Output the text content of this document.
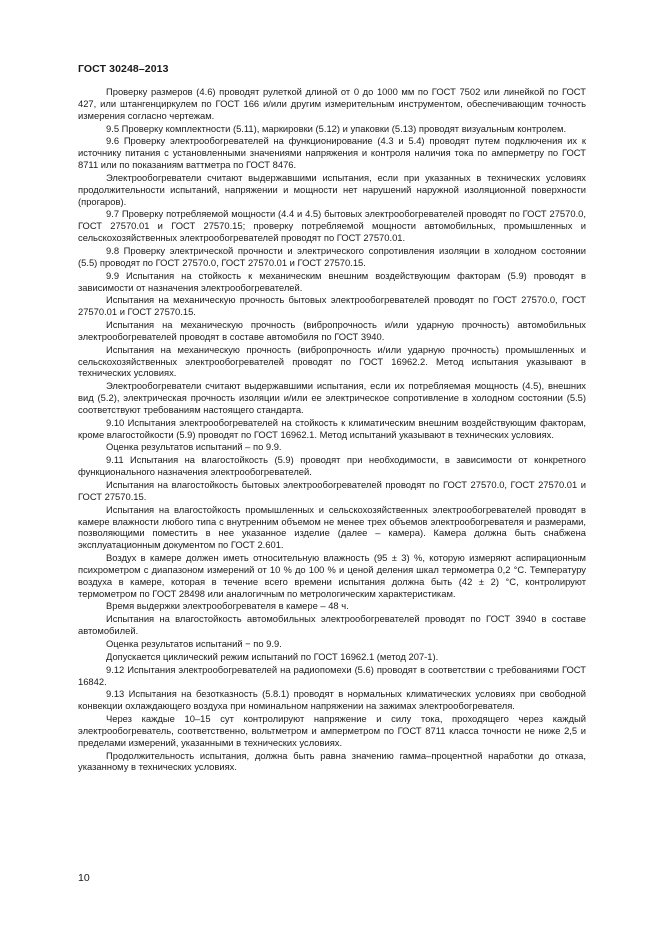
ГОСТ 30248–2013

Проверку размеров (4.6) проводят рулеткой длиной от 0 до 1000 мм по ГОСТ 7502 или линейкой по ГОСТ 427, или штангенциркулем по ГОСТ 166 и/или другим измерительным инструментом, обеспечивающим точность измерения согласно чертежам.

9.5 Проверку комплектности (5.11), маркировки (5.12) и упаковки (5.13) проводят визуальным контролем.

9.6 Проверку электрообогревателей на функционирование (4.3 и 5.4) проводят путем подключения их к источнику питания с установленными значениями напряжения и контроля наличия тока по амперметру по ГОСТ 8711 или по показаниям ваттметра по ГОСТ 8476.

Электрообогреватели считают выдержавшими испытания, если при указанных в технических условиях продолжительности испытаний, напряжении и мощности нет нарушений наружной изоляционной поверхности (прогаров).

9.7 Проверку потребляемой мощности (4.4 и 4.5) бытовых электрообогревателей проводят по ГОСТ 27570.0, ГОСТ 27570.01 и ГОСТ 27570.15; проверку потребляемой мощности автомобильных, промышленных и сельскохозяйственных электрообогревателей проводят по ГОСТ 27570.01.

9.8 Проверку электрической прочности и электрического сопротивления изоляции в холодном состоянии (5.5) проводят по ГОСТ 27570.0, ГОСТ 27570.01 и ГОСТ 27570.15.

9.9 Испытания на стойкость к механическим внешним воздействующим факторам (5.9) проводят в зависимости от назначения электрообогревателей.

Испытания на механическую прочность бытовых электрообогревателей проводят по ГОСТ 27570.0, ГОСТ 27570.01 и ГОСТ 27570.15.

Испытания на механическую прочность (вибропрочность и/или ударную прочность) автомобильных электрообогревателей проводят в составе автомобиля по ГОСТ 3940.

Испытания на механическую прочность (вибропрочность и/или ударную прочность) промышленных и сельскохозяйственных электрообогревателей проводят по ГОСТ 16962.2. Метод испытания указывают в технических условиях.

Электрообогреватели считают выдержавшими испытания, если их потребляемая мощность (4.5), внешних вид (5.2), электрическая прочность изоляции и/или ее электрическое сопротивление в холодном состоянии (5.5) соответствуют требованиям настоящего стандарта.

9.10 Испытания электрообогревателей на стойкость к климатическим внешним воздействующим факторам, кроме влагостойкости (5.9) проводят по ГОСТ 16962.1. Метод испытаний указывают в технических условиях.

Оценка результатов испытаний – по 9.9.

9.11 Испытания на влагостойкость (5.9) проводят при необходимости, в зависимости от конкретного функционального назначения электрообогревателей.

Испытания на влагостойкость бытовых электрообогревателей проводят по ГОСТ 27570.0, ГОСТ 27570.01 и ГОСТ 27570.15.

Испытания на влагостойкость промышленных и сельскохозяйственных электрообогревателей проводят в камере влажности любого типа с внутренним объемом не менее трех объемов электрообогревателя и размерами, позволяющими поместить в нее указанное изделие (далее – камера). Камера должна быть снабжена эксплуатационным документом по ГОСТ 2.601.

Воздух в камере должен иметь относительную влажность (95 ± 3) %, которую измеряют аспирационным психрометром с диапазоном измерений от 10 % до 100 % и ценой деления шкал термометра 0,2 °С. Температуру воздуха в камере, которая в течение всего времени испытания должна быть (42 ± 2) °С, контролируют термометром по ГОСТ 28498 или аналогичным по метрологическим характеристикам.

Время выдержки электрообогревателя в камере – 48 ч.

Испытания на влагостойкость автомобильных электрообогревателей проводят по ГОСТ 3940 в составе автомобилей.

Оценка результатов испытаний − по 9.9.

Допускается циклический режим испытаний по ГОСТ 16962.1 (метод 207-1).

9.12 Испытания электрообогревателей на радиопомехи (5.6) проводят в соответствии с требованиями ГОСТ 16842.

9.13 Испытания на безотказность (5.8.1) проводят в нормальных климатических условиях при свободной конвекции охлаждающего воздуха при номинальном напряжении на зажимах электрообогревателя.

Через каждые 10–15 сут контролируют напряжение и силу тока, проходящего через каждый электрообогреватель, соответственно, вольтметром и амперметром по ГОСТ 8711 класса точности не ниже 2,5 и пределами измерений, указанными в технических условиях.

Продолжительность испытания, должна быть равна значению гамма–процентной наработки до отказа, указанному в технических условиях.

10
